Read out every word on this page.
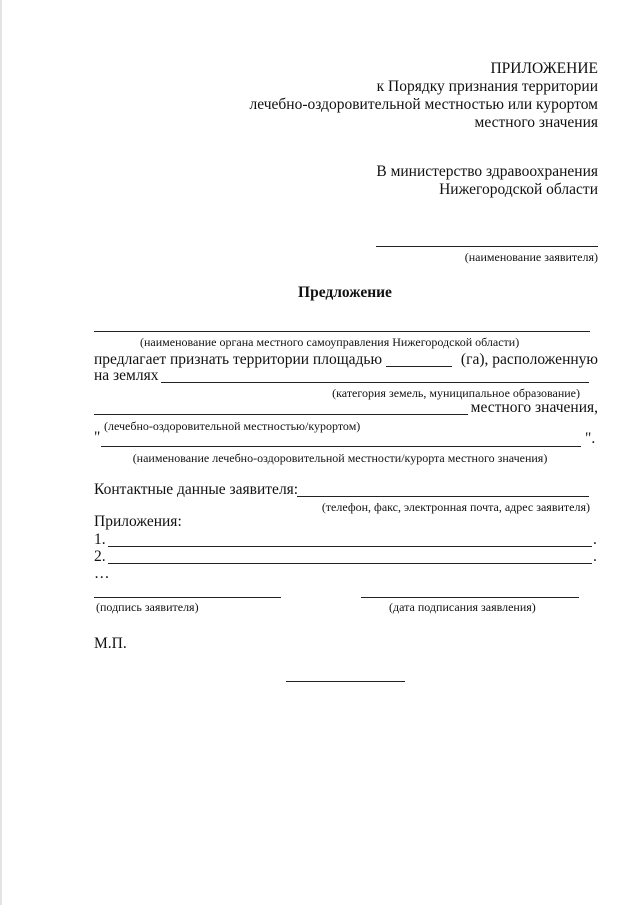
ПРИЛОЖЕНИЕ
к Порядку признания территории
лечебно-оздоровительной местностью или курортом
местного значения
В министерство здравоохранения
Нижегородской области
(наименование заявителя)
Предложение
(наименование органа местного самоуправления Нижегородской области)
предлагает признать территории площадью	(га), расположенную
на землях
(категория земель, муниципальное образование)
местного значения,
(лечебно-оздоровительной местностью/курортом)
"	".
(наименование лечебно-оздоровительной местности/курорта местного значения)
Контактные данные заявителя:
(телефон, факс, электронная почта, адрес заявителя)
Приложения:
1.	.
2.	.
…
(подпись заявителя)	(дата подписания заявления)
М.П.
